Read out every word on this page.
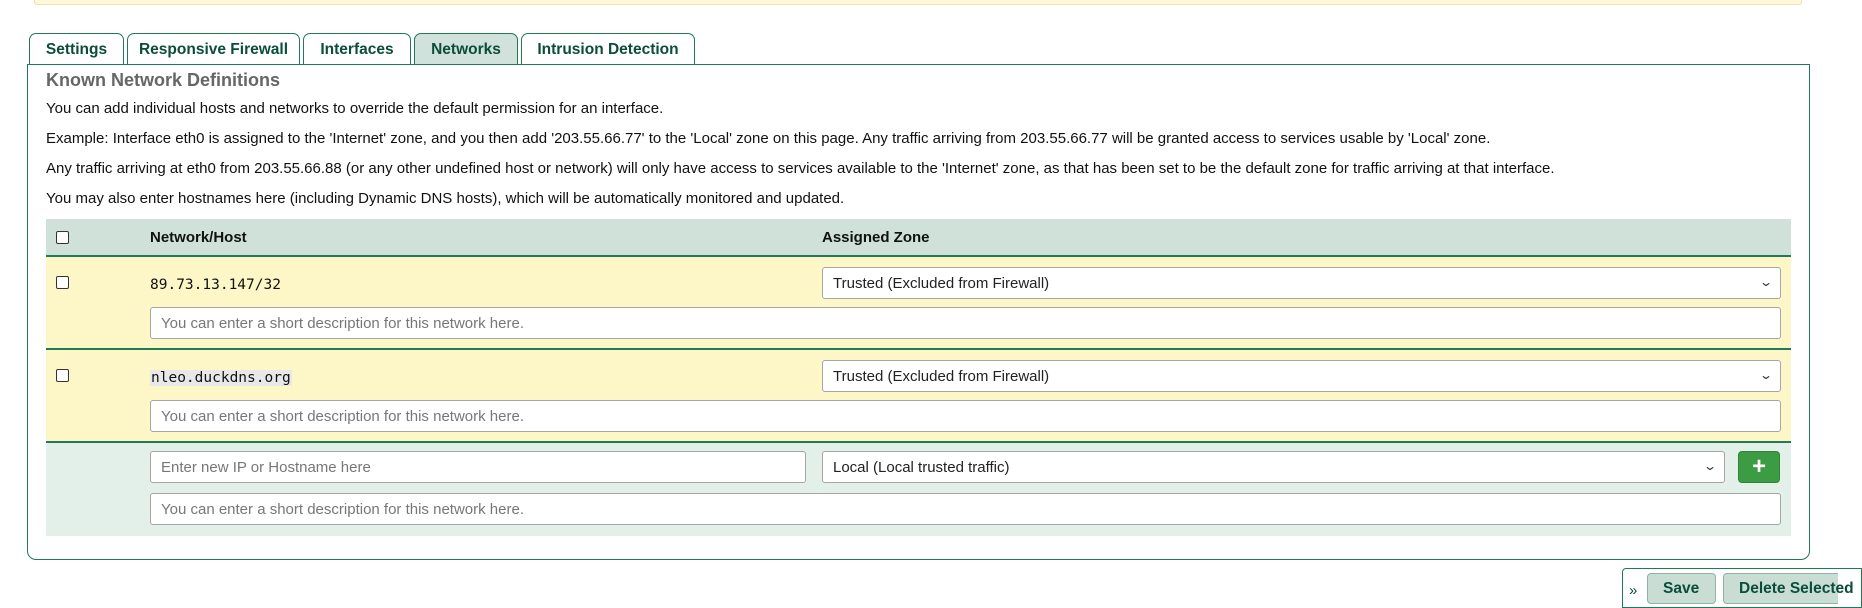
Settings	Responsive Firewall	Interfaces	Networks	Intrusion Detection
Known Network Definitions
You can add individual hosts and networks to override the default permission for an interface.
Example: Interface eth0 is assigned to the 'Internet' zone, and you then add '203.55.66.77' to the 'Local' zone on this page. Any traffic arriving from 203.55.66.77 will be granted access to services usable by 'Local' zone.
Any traffic arriving at eth0 from 203.55.66.88 (or any other undefined host or network) will only have access to services available to the 'Internet' zone, as that has been set to be the default zone for traffic arriving at that interface.
You may also enter hostnames here (including Dynamic DNS hosts), which will be automatically monitored and updated.
Network/Host	Assigned Zone
89.73.13.147/32	Trusted (Excluded from Firewall)	⌄
You can enter a short description for this network here.
nleo.duckdns.org	Trusted (Excluded from Firewall)	⌄
You can enter a short description for this network here.
Enter new IP or Hostname here	Local (Local trusted traffic)	⌄ +
You can enter a short description for this network here.
»	Save	Delete Selected
